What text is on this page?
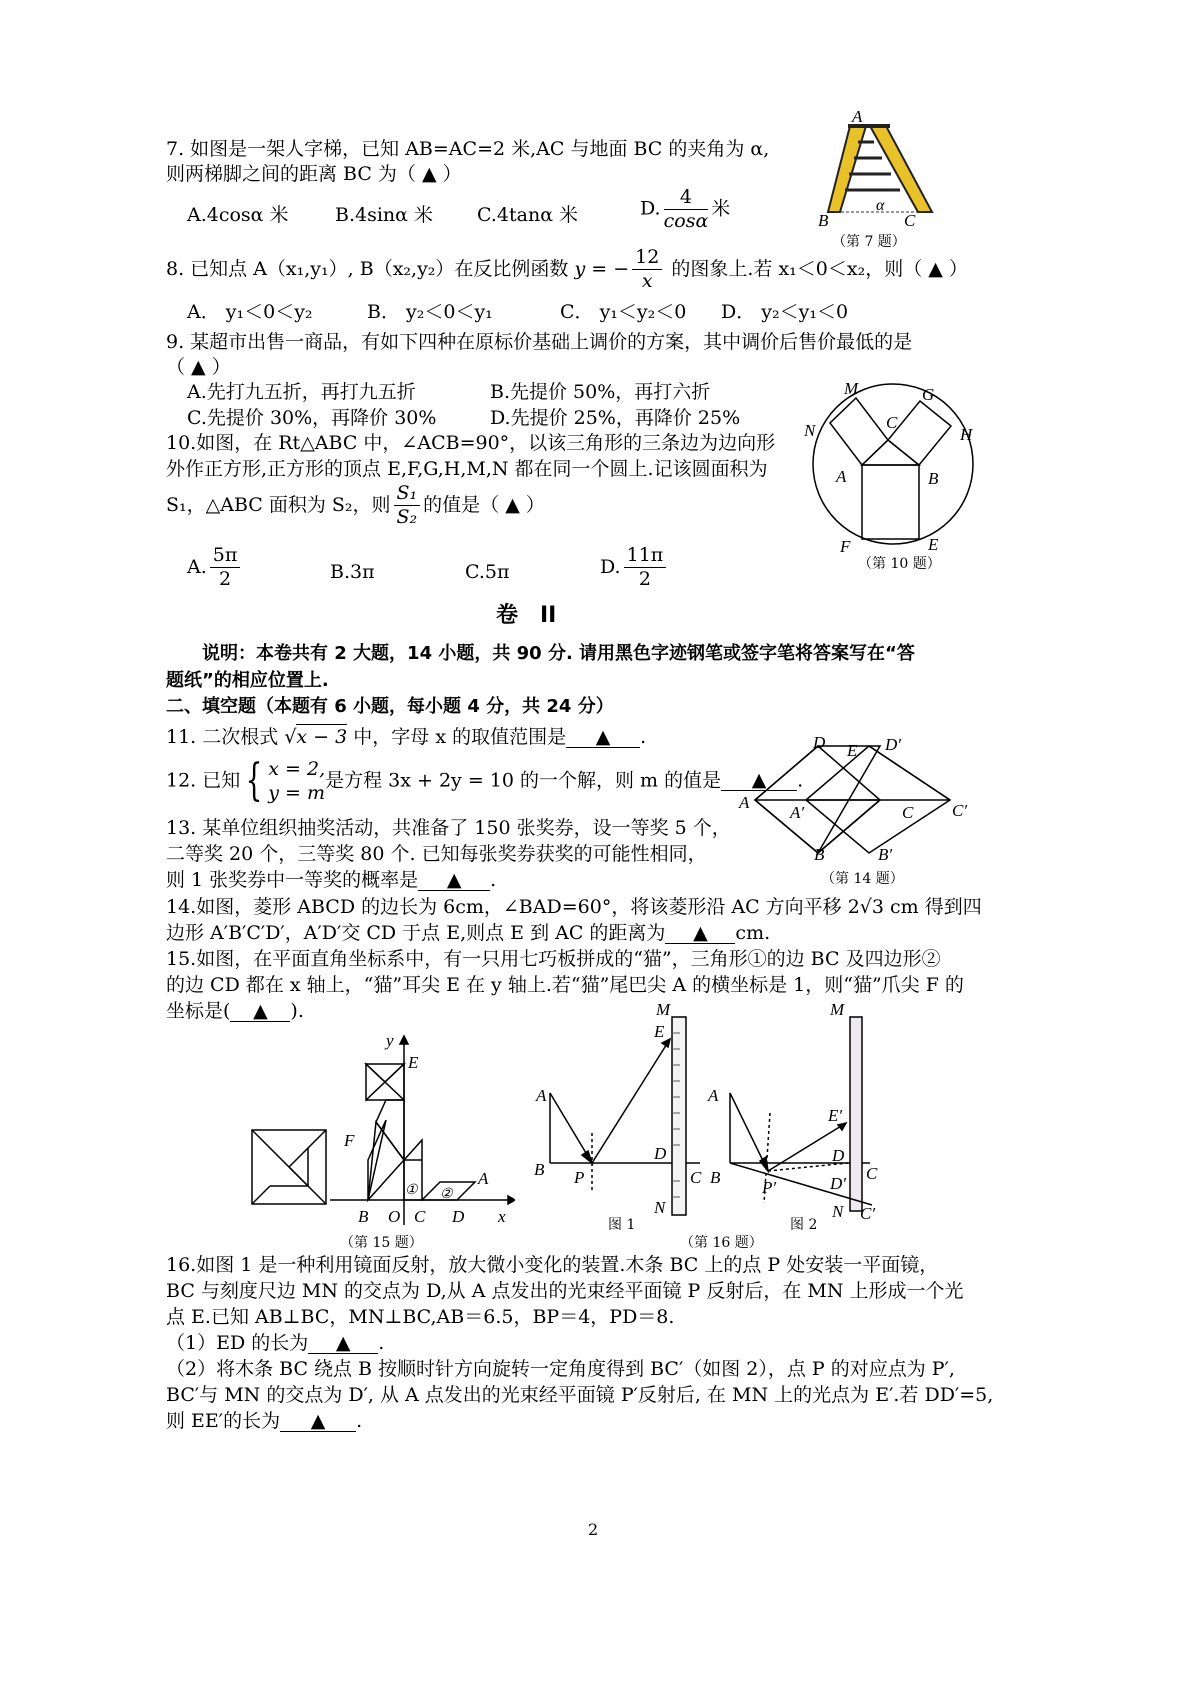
7. 如图是一架人字梯，已知 AB=AC=2 米,AC 与地面 BC 的夹角为 α,
则两梯脚之间的距离 BC 为（ ▲ ）
A.4cosα 米 B.4sinα 米 C.4tanα 米	D. $\frac{4}{\cos\alpha}$ 米
A
B	C
α
（第 7 题）
8. 已知点 A（x₁,y₁）, B（x₂,y₂）在反比例函数 y = − $\frac{12}{x}$ 的图象上.若 x₁＜0＜x₂，则（ ▲ ）
A． y₁＜0＜y₂	B． y₂＜0＜y₁	C． y₁＜y₂＜0 D． y₂＜y₁＜0
9. 某超市出售一商品，有如下四种在原标价基础上调价的方案，其中调价后售价最低的是
（ ▲ ）
A.先打九五折，再打九五折	B.先提价 50%，再打六折
C.先提价 30%，再降价 30%	D.先提价 25%，再降价 25%
10.如图，在 Rt△ABC 中，∠ACB=90°，以该三角形的三条边为边向形
外作正方形,正方形的顶点 E,F,G,H,M,N 都在同一个圆上.记该圆面积为
S₁，△ABC 面积为 S₂，则 $\frac{\text{S₁}}{\text{S₂}}$ 的值是（ ▲ ）
A. $\frac{5\pi}{2}$	B.3π	C.5π	D. $\frac{11\pi}{2}$
M	G
N	H
C
A	B
F	E
（第 10 题）
卷　II
说明：本卷共有 2 大题，14 小题，共 90 分. 请用黑色字迹钢笔或签字笔将答案写在“答
题纸”的相应位置上.
二、填空题（本题有 6 小题，每小题 4 分，共 24 分）
11. 二次根式 √x − 3 中，字母 x 的取值范围是 ▲ .
12. 已知 { x = 2,
y = m
是方程 3x + 2y = 10 的一个解，则 m 的值是 ▲ .
13. 某单位组织抽奖活动，共准备了 150 张奖券，设一等奖 5 个，
二等奖 20 个，三等奖 80 个. 已知每张奖券获奖的可能性相同，
则 1 张奖券中一等奖的概率是 ▲ .
D E D′
A
A′	C C′
B	B′
（第 14 题）
14.如图，菱形 ABCD 的边长为 6cm，∠BAD=60°，将该菱形沿 AC 方向平移 2√3 cm 得到四
边形 A′B′C′D′，A′D′交 CD 于点 E,则点 E 到 AC 的距离为 ▲ cm.
15.如图，在平面直角坐标系中，有一只用七巧板拼成的“猫”，三角形①的边 BC 及四边形②
的边 CD 都在 x 轴上，“猫”耳尖 E 在 y 轴上.若“猫”尾巴尖 A 的横坐标是 1，则“猫”爪尖 F 的
坐标是( ▲ ).
y
E
F
A
B O C D x
① ②
（第 15 题）
M
E
A
B P
D
C
N
图 1
（第 16 题）
M
A
E′
D
B	C
P′	D′
N C′
图 2
16.如图 1 是一种利用镜面反射，放大微小变化的装置.木条 BC 上的点 P 处安装一平面镜，
BC 与刻度尺边 MN 的交点为 D,从 A 点发出的光束经平面镜 P 反射后，在 MN 上形成一个光
点 E.已知 AB⊥BC，MN⊥BC,AB＝6.5，BP＝4，PD＝8.
（1）ED 的长为 ▲ .
（2）将木条 BC 绕点 B 按顺时针方向旋转一定角度得到 BC′（如图 2），点 P 的对应点为 P′,
BC′与 MN 的交点为 D′, 从 A 点发出的光束经平面镜 P′反射后, 在 MN 上的光点为 E′.若 DD′=5,
则 EE′的长为 ▲ .
2
